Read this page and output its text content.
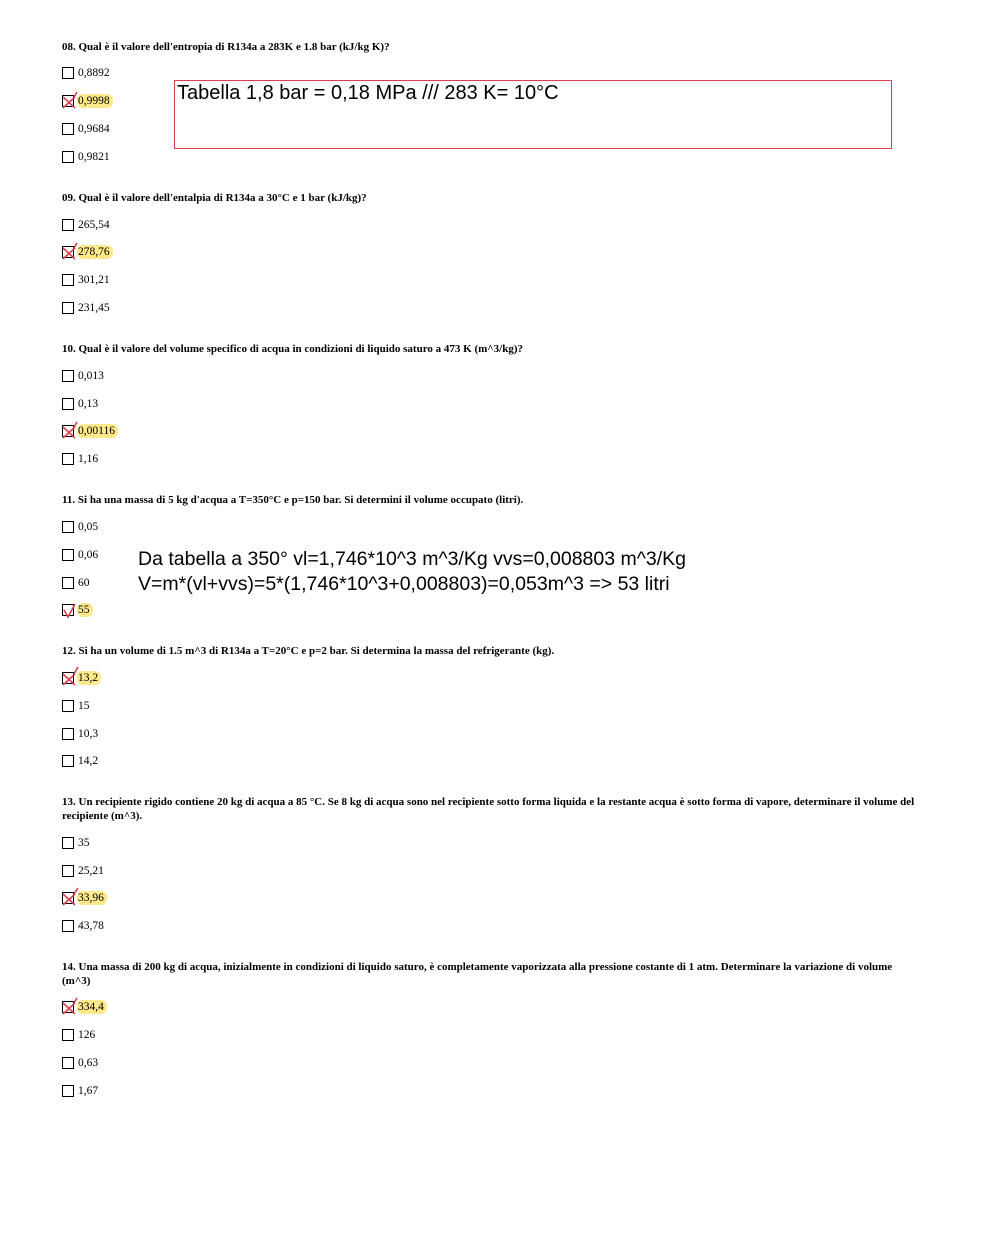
08. Qual è il valore dell'entropia di R134a a 283K e 1.8 bar (kJ/kg K)?
0,8892
0,9998
0,9684
0,9821
Tabella 1,8 bar = 0,18 MPa /// 283 K= 10°C
09. Qual è il valore dell'entalpia di R134a a 30°C e 1 bar (kJ/kg)?
265,54
278,76
301,21
231,45
10. Qual è il valore del volume specifico di acqua in condizioni di liquido saturo a 473 K (m^3/kg)?
0,013
0,13
0,00116
1,16
11. Si ha una massa di 5 kg d'acqua a T=350°C e p=150 bar. Si determini il volume occupato (litri).
0,05
0,06
60
55
Da tabella a 350° vl=1,746*10^3 m^3/Kg vvs=0,008803 m^3/Kg
V=m*(vl+vvs)=5*(1,746*10^3+0,008803)=0,053m^3 => 53 litri
12. Si ha un volume di 1.5 m^3 di R134a a T=20°C e p=2 bar. Si determina la massa del refrigerante (kg).
13,2
15
10,3
14,2
13. Un recipiente rigido contiene 20 kg di acqua a 85 °C. Se 8 kg di acqua sono nel recipiente sotto forma liquida e la restante acqua è sotto forma di vapore, determinare il volume del recipiente (m^3).
35
25,21
33,96
43,78
14. Una massa di 200 kg di acqua, inizialmente in condizioni di liquido saturo, è completamente vaporizzata alla pressione costante di 1 atm. Determinare la variazione di volume (m^3)
334,4
126
0,63
1,67
